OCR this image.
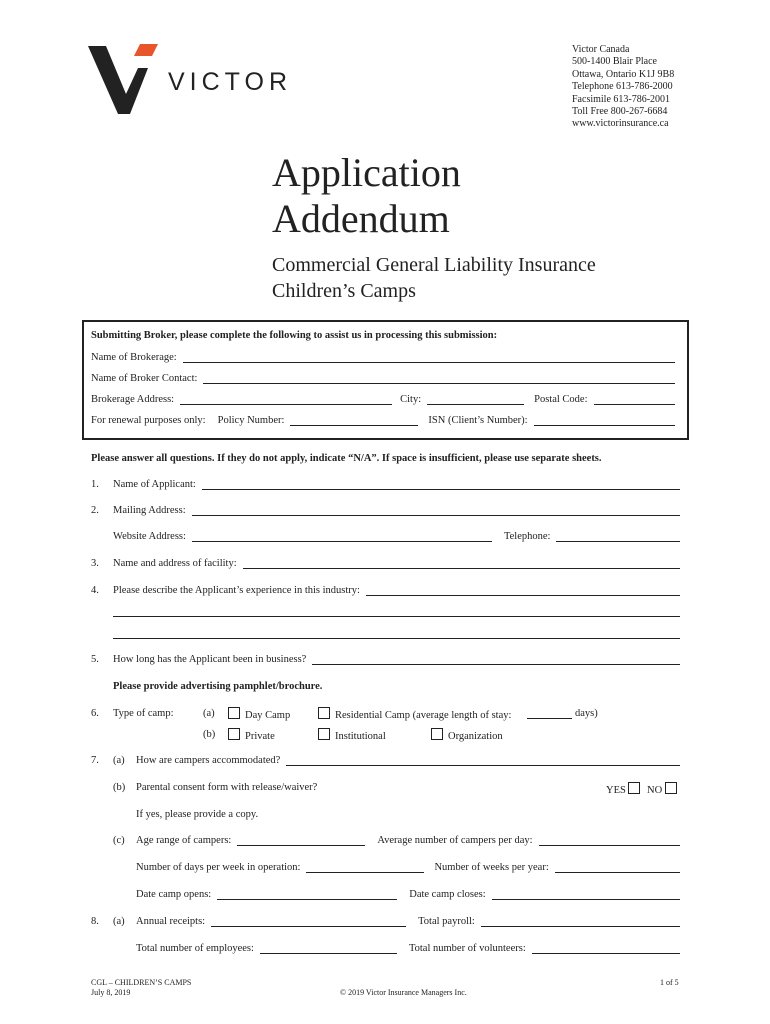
VICTOR
Victor Canada
500-1400 Blair Place
Ottawa, Ontario K1J 9B8
Telephone 613-786-2000
Facsimile 613-786-2001
Toll Free 800-267-6684
www.victorinsurance.ca
Application
Addendum
Commercial General Liability Insurance
Children’s Camps
Submitting Broker, please complete the following to assist us in processing this submission:
Name of Brokerage:
Name of Broker Contact:
Brokerage Address:	City:	Postal Code:
For renewal purposes only: Policy Number:	ISN (Client’s Number):
Please answer all questions. If they do not apply, indicate “N/A”. If space is insufficient, please use separate sheets.
1. Name of Applicant:
2. Mailing Address:
Website Address:	Telephone:
3. Name and address of facility:
4. Please describe the Applicant’s experience in this industry:
5. How long has the Applicant been in business?
Please provide advertising pamphlet/brochure.
6. Type of camp:	(a)	Day Camp	Residential Camp (average length of stay:	days)
(b)	Private	Institutional	Organization
7. (a) How are campers accommodated?
(b) Parental consent form with release/waiver?	YES	NO
If yes, please provide a copy.
(c) Age range of campers:	Average number of campers per day:
Number of days per week in operation:	Number of weeks per year:
Date camp opens:	Date camp closes:
8. (a) Annual receipts:	Total payroll:
Total number of employees:	Total number of volunteers:
CGL – CHILDREN’S CAMPS
July 8, 2019	© 2019 Victor Insurance Managers Inc.
1 of 5
